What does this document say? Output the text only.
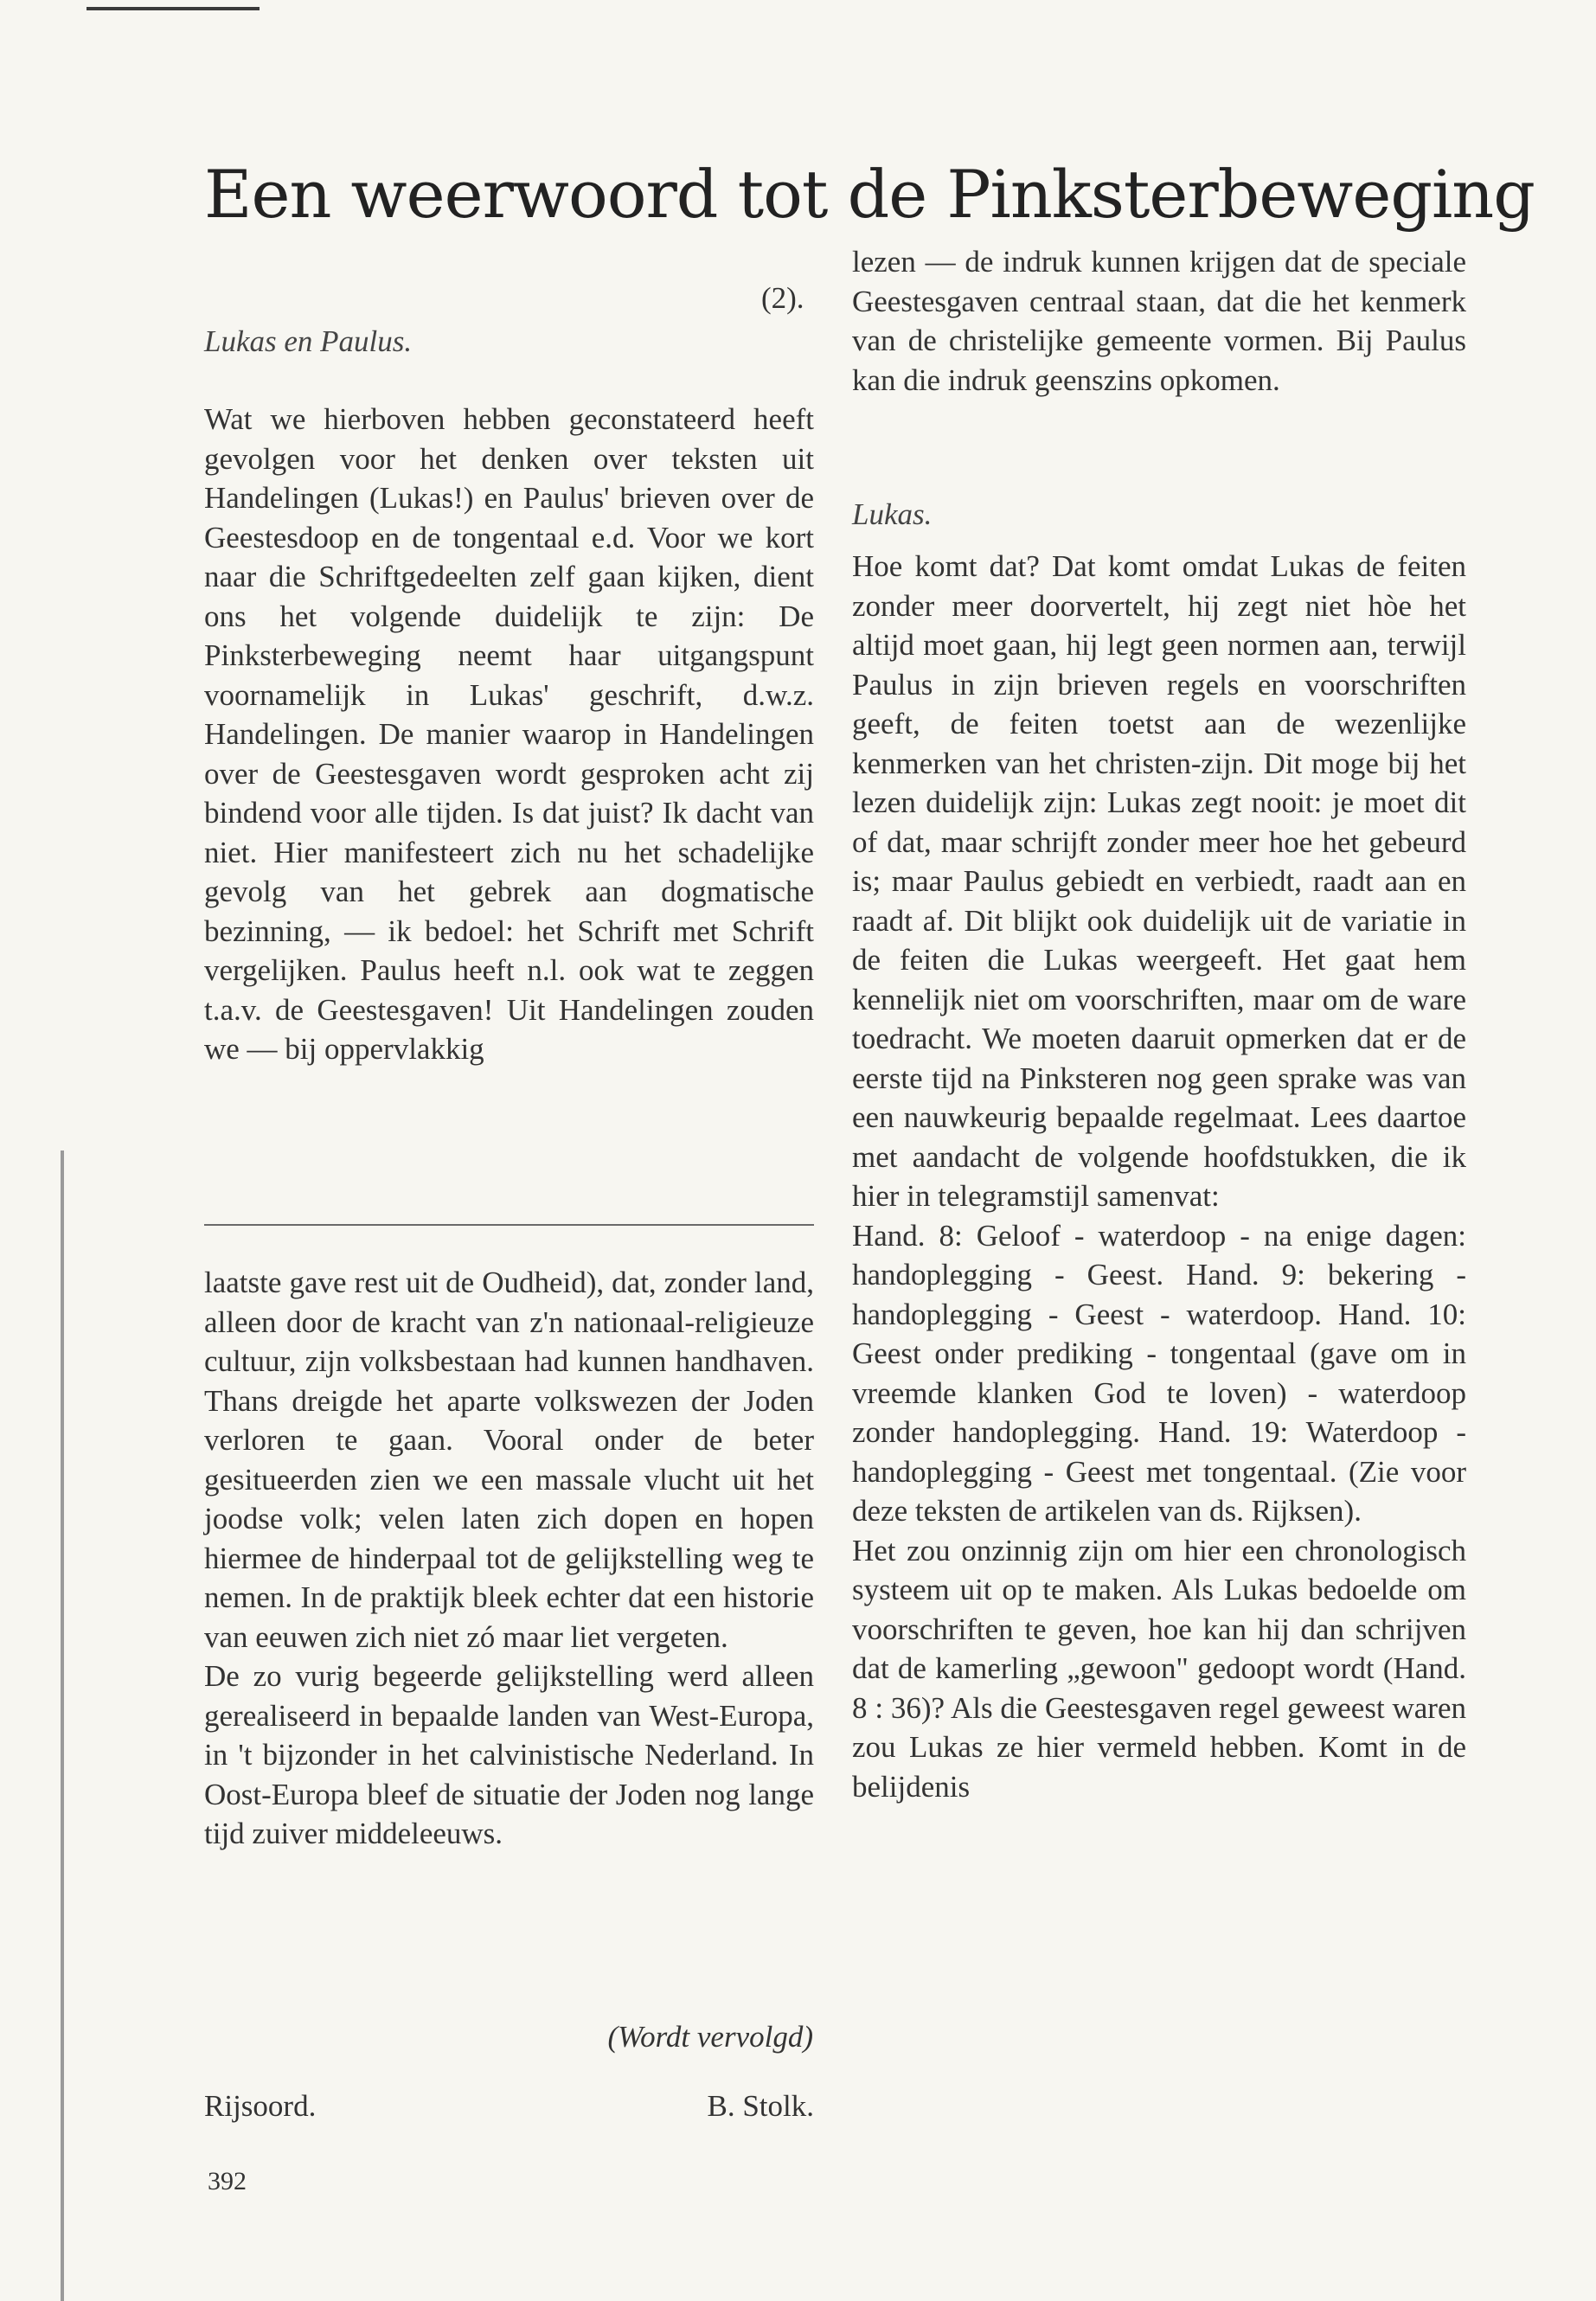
Een weerwoord tot de Pinksterbeweging
(2).
Lukas en Paulus.

Wat we hierboven hebben geconstateerd heeft gevolgen voor het denken over teksten uit Handelingen (Lukas!) en Paulus' brieven over de Geestesdoop en de tongentaal e.d. Voor we kort naar die Schriftgedeelten zelf gaan kijken, dient ons het volgende duidelijk te zijn: De Pinksterbeweging neemt haar uitgangspunt voornamelijk in Lukas' geschrift, d.w.z. Handelingen. De manier waarop in Handelingen over de Geestesgaven wordt gesproken acht zij bindend voor alle tijden. Is dat juist? Ik dacht van niet. Hier manifesteert zich nu het schadelijke gevolg van het gebrek aan dogmatische bezinning, — ik bedoel: het Schrift met Schrift vergelijken. Paulus heeft n.l. ook wat te zeggen t.a.v. de Geestesgaven! Uit Handelingen zouden we — bij oppervlakkig

laatste gave rest uit de Oudheid), dat, zonder land, alleen door de kracht van z'n nationaal-religieuze cultuur, zijn volksbestaan had kunnen handhaven. Thans dreigde het aparte volkswezen der Joden verloren te gaan. Vooral onder de beter gesitueerden zien we een massale vlucht uit het joodse volk; velen laten zich dopen en hopen hiermee de hinderpaal tot de gelijkstelling weg te nemen. In de praktijk bleek echter dat een historie van eeuwen zich niet zó maar liet vergeten.

De zo vurig begeerde gelijkstelling werd alleen gerealiseerd in bepaalde landen van West-Europa, in 't bijzonder in het calvinistische Nederland. In Oost-Europa bleef de situatie der Joden nog lange tijd zuiver middeleeuws.

(Wordt vervolgd)
Rijsoord.	B. Stolk.

lezen — de indruk kunnen krijgen dat de speciale Geestesgaven centraal staan, dat die het kenmerk van de christelijke gemeente vormen. Bij Paulus kan die indruk geenszins opkomen.

Lukas.

Hoe komt dat? Dat komt omdat Lukas de feiten zonder meer doorvertelt, hij zegt niet hòe het altijd moet gaan, hij legt geen normen aan, terwijl Paulus in zijn brieven regels en voorschriften geeft, de feiten toetst aan de wezenlijke kenmerken van het christen-zijn. Dit moge bij het lezen duidelijk zijn: Lukas zegt nooit: je moet dit of dat, maar schrijft zonder meer hoe het gebeurd is; maar Paulus gebiedt en verbiedt, raadt aan en raadt af. Dit blijkt ook duidelijk uit de variatie in de feiten die Lukas weergeeft. Het gaat hem kennelijk niet om voorschriften, maar om de ware toedracht. We moeten daaruit opmerken dat er de eerste tijd na Pinksteren nog geen sprake was van een nauwkeurig bepaalde regelmaat. Lees daartoe met aandacht de volgende hoofdstukken, die ik hier in telegramstijl samenvat:

Hand. 8: Geloof - waterdoop - na enige dagen: handoplegging - Geest. Hand. 9: bekering - handoplegging - Geest - waterdoop. Hand. 10: Geest onder prediking - tongentaal (gave om in vreemde klanken God te loven) - waterdoop zonder handoplegging. Hand. 19: Waterdoop - handoplegging - Geest met tongentaal. (Zie voor deze teksten de artikelen van ds. Rijksen).

Het zou onzinnig zijn om hier een chronologisch systeem uit op te maken. Als Lukas bedoelde om voorschriften te geven, hoe kan hij dan schrijven dat de kamerling „gewoon" gedoopt wordt (Hand. 8 : 36)? Als die Geestesgaven regel geweest waren zou Lukas ze hier vermeld hebben. Komt in de belijdenis

392
